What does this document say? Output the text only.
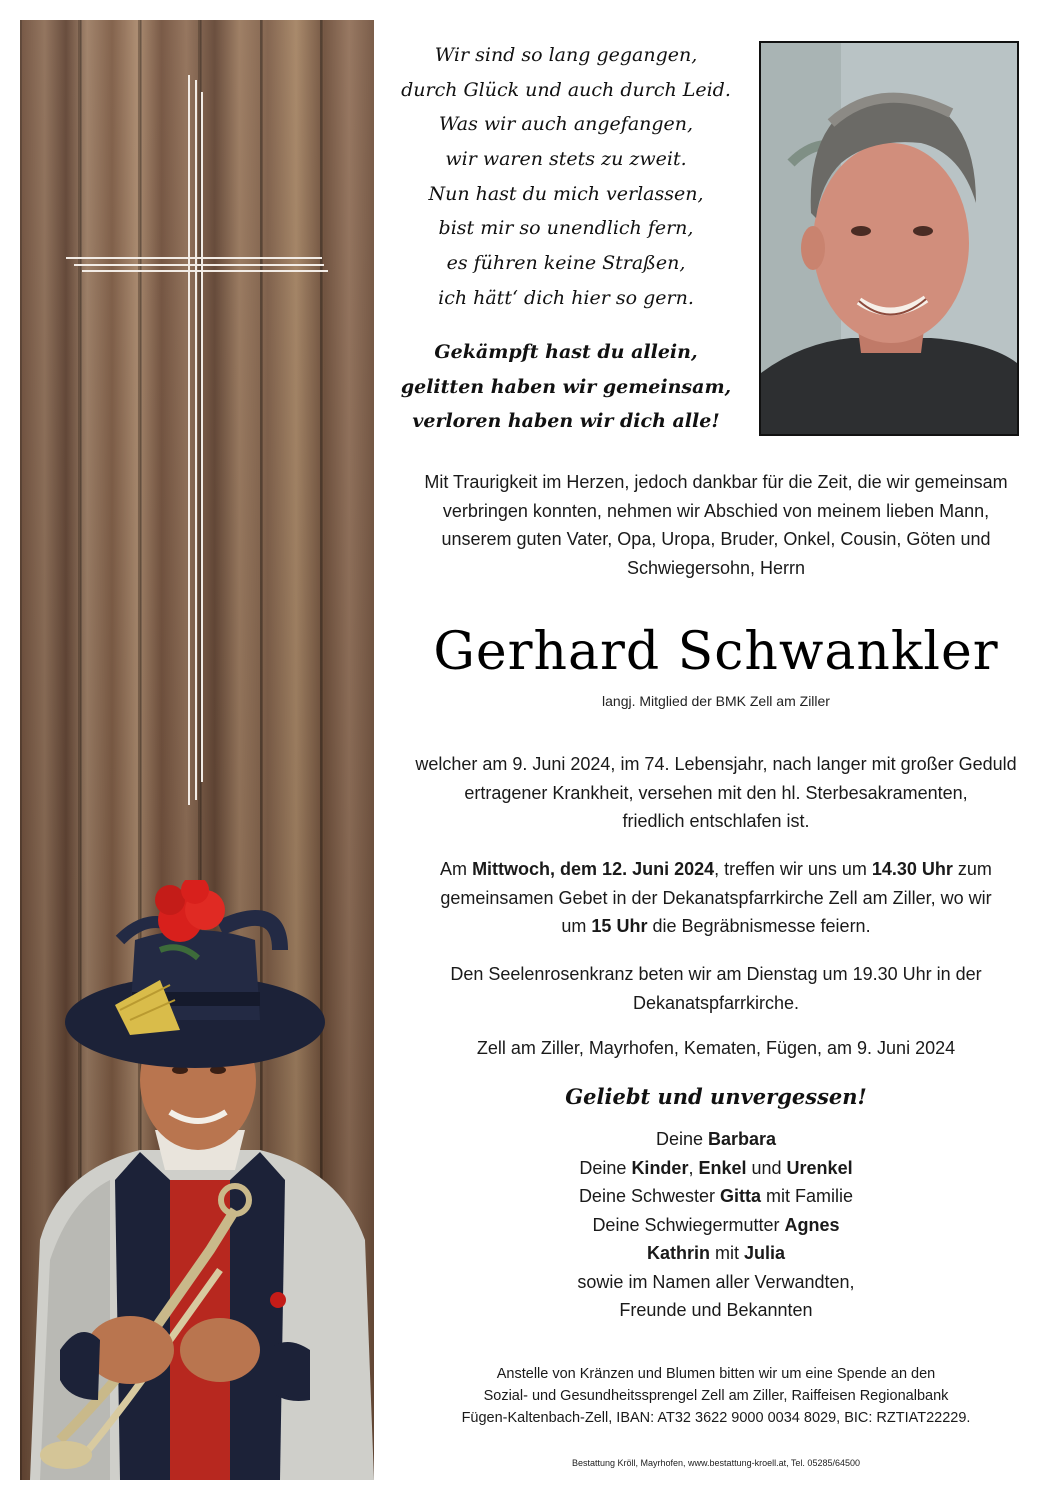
Wir sind so lang gegangen,
durch Glück und auch durch Leid.
Was wir auch angefangen,
wir waren stets zu zweit.
Nun hast du mich verlassen,
bist mir so unendlich fern,
es führen keine Straßen,
ich hätt‘ dich hier so gern.
Gekämpft hast du allein,
gelitten haben wir gemeinsam,
verloren haben wir dich alle!
Mit Traurigkeit im Herzen, jedoch dankbar für die Zeit, die wir gemeinsam
verbringen konnten, nehmen wir Abschied von meinem lieben Mann,
unserem guten Vater, Opa, Uropa, Bruder, Onkel, Cousin, Göten und
Schwiegersohn, Herrn
Gerhard Schwankler
langj. Mitglied der BMK Zell am Ziller
welcher am 9. Juni 2024, im 74. Lebensjahr, nach langer mit großer Geduld
ertragener Krankheit, versehen mit den hl. Sterbesakramenten,
friedlich entschlafen ist.
Am Mittwoch, dem 12. Juni 2024, treffen wir uns um 14.30 Uhr zum
gemeinsamen Gebet in der Dekanatspfarrkirche Zell am Ziller, wo wir
um 15 Uhr die Begräbnismesse feiern.
Den Seelenrosenkranz beten wir am Dienstag um 19.30 Uhr in der
Dekanatspfarrkirche.
Zell am Ziller, Mayrhofen, Kematen, Fügen, am 9. Juni 2024
Geliebt und unvergessen!
Deine Barbara
Deine Kinder, Enkel und Urenkel
Deine Schwester Gitta mit Familie
Deine Schwiegermutter Agnes
Kathrin mit Julia
sowie im Namen aller Verwandten,
Freunde und Bekannten
Anstelle von Kränzen und Blumen bitten wir um eine Spende an den
Sozial- und Gesundheitssprengel Zell am Ziller, Raiffeisen Regionalbank
Fügen-Kaltenbach-Zell, IBAN: AT32 3622 9000 0034 8029, BIC: RZTIAT22229.
Bestattung Kröll, Mayrhofen, www.bestattung-kroell.at, Tel. 05285/64500
